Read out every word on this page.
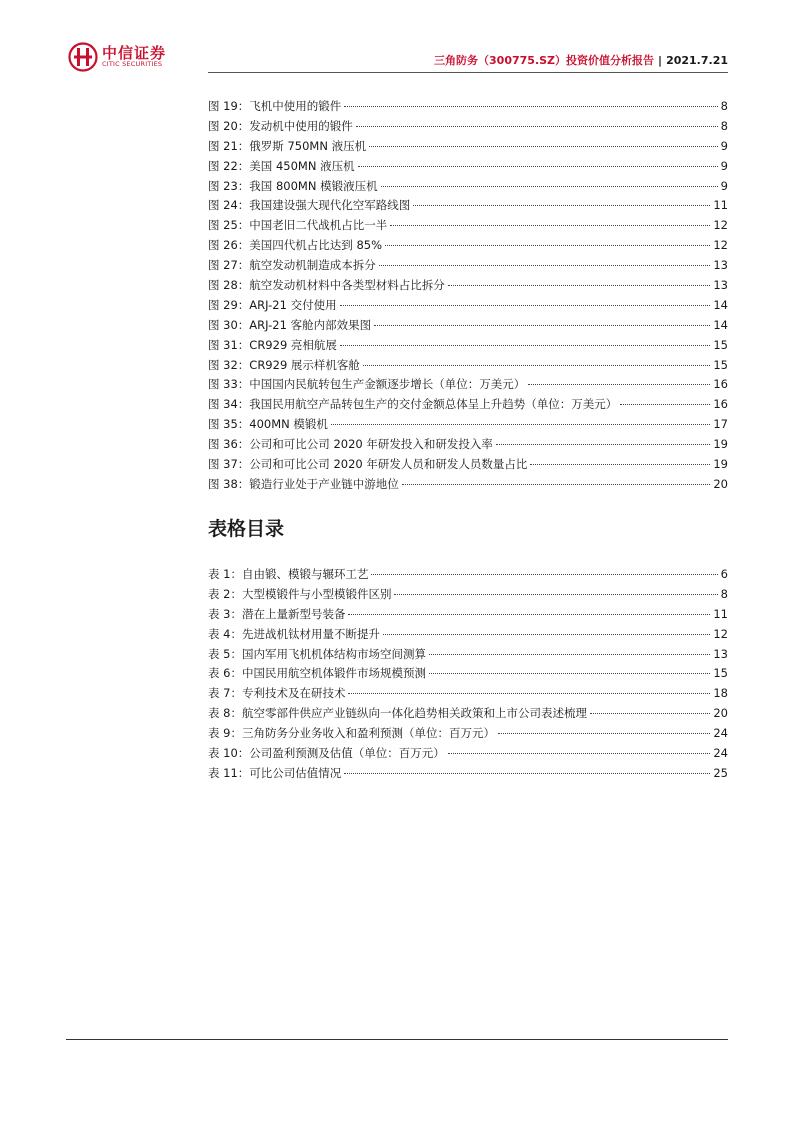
中信证券
CITIC SECURITIES	三角防务（300775.SZ）投资价值分析报告 | 2021.7.21
图 19：飞机中使用的锻件	8
图 20：发动机中使用的锻件	8
图 21：俄罗斯 750MN 液压机	9
图 22：美国 450MN 液压机	9
图 23：我国 800MN 模锻液压机	9
图 24：我国建设强大现代化空军路线图	11
图 25：中国老旧二代战机占比一半	12
图 26：美国四代机占比达到 85%	12
图 27：航空发动机制造成本拆分	13
图 28：航空发动机材料中各类型材料占比拆分	13
图 29：ARJ-21 交付使用	14
图 30：ARJ-21 客舱内部效果图	14
图 31：CR929 亮相航展	15
图 32：CR929 展示样机客舱	15
图 33：中国国内民航转包生产金额逐步增长（单位：万美元）	16
图 34：我国民用航空产品转包生产的交付金额总体呈上升趋势（单位：万美元）	16
图 35：400MN 模锻机	17
图 36：公司和可比公司 2020 年研发投入和研发投入率	19
图 37：公司和可比公司 2020 年研发人员和研发人员数量占比	19
图 38：锻造行业处于产业链中游地位	20
表格目录
表 1：自由锻、模锻与辗环工艺	6
表 2：大型模锻件与小型模锻件区别	8
表 3：潜在上量新型号装备	11
表 4：先进战机钛材用量不断提升	12
表 5：国内军用飞机机体结构市场空间测算	13
表 6：中国民用航空机体锻件市场规模预测	15
表 7：专利技术及在研技术	18
表 8：航空零部件供应产业链纵向一体化趋势相关政策和上市公司表述梳理	20
表 9：三角防务分业务收入和盈利预测（单位：百万元）	24
表 10：公司盈利预测及估值（单位：百万元）	24
表 11：可比公司估值情况	25
